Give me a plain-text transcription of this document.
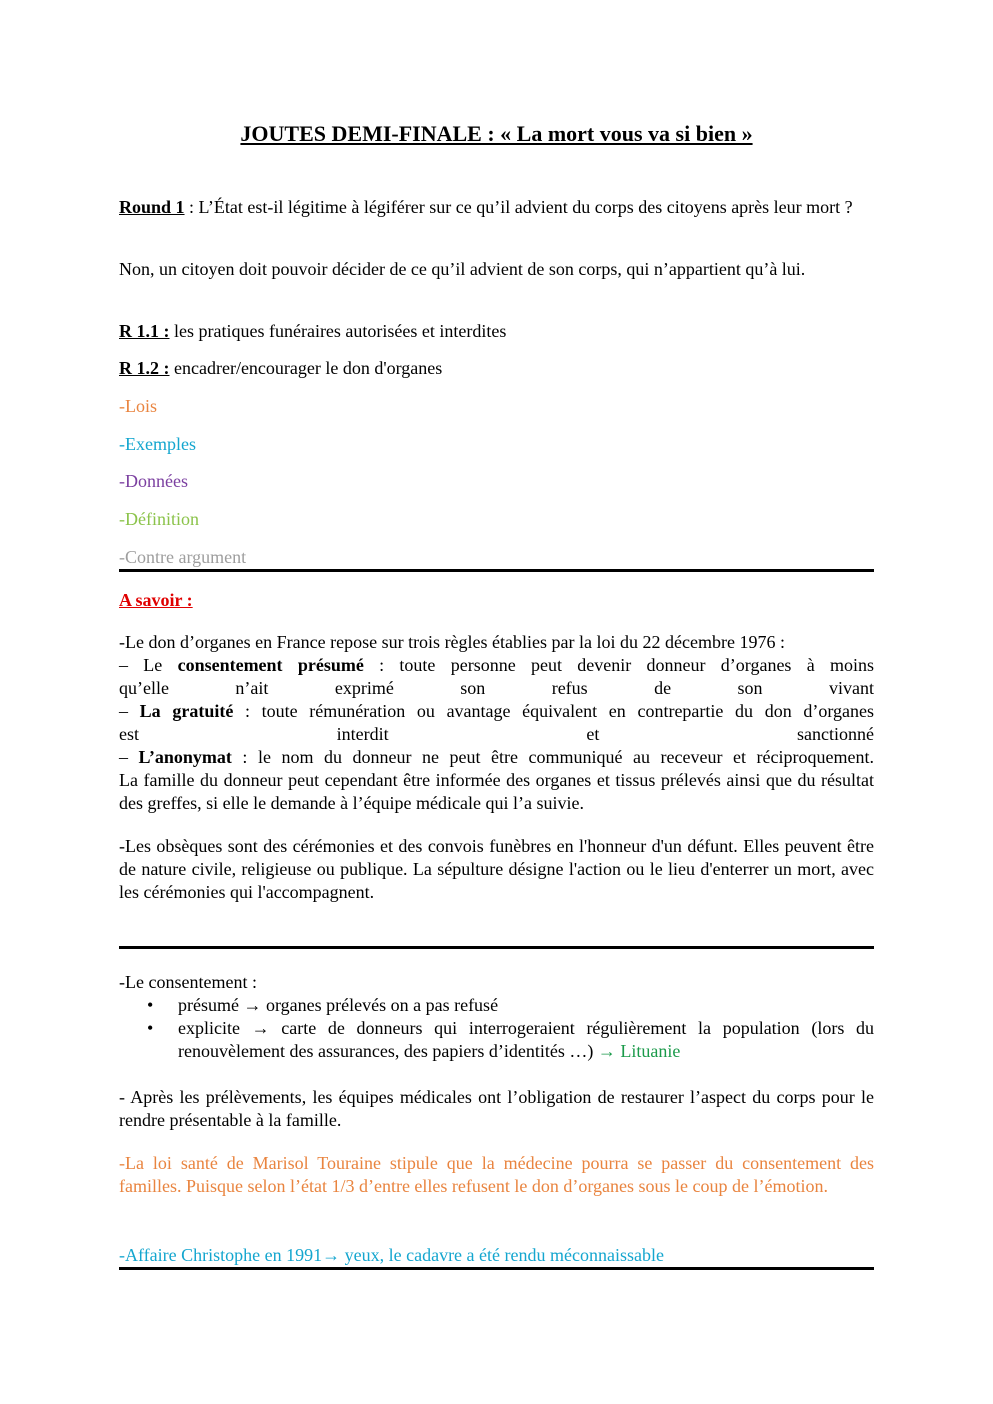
JOUTES DEMI-FINALE : « La mort vous va si bien »
Round 1 : L’État est-il légitime à légiférer sur ce qu’il advient du corps des citoyens après leur mort ?
Non, un citoyen doit pouvoir décider de ce qu’il advient de son corps, qui n’appartient qu’à lui.
R 1.1 : les pratiques funéraires autorisées et interdites
R 1.2 : encadrer/encourager le don d'organes
-Lois
-Exemples
-Données
-Définition
-Contre argument
A savoir :
-Le don d’organes en France repose sur trois règles établies par la loi du 22 décembre 1976 :
– Le consentement présumé : toute personne peut devenir donneur d’organes à moins
qu’elle n’ait exprimé son refus de son vivant
– La gratuité : toute rémunération ou avantage équivalent en contrepartie du don d’organes
est interdit et sanctionné
– L’anonymat : le nom du donneur ne peut être communiqué au receveur et réciproquement.
La famille du donneur peut cependant être informée des organes et tissus prélevés ainsi que du résultat des greffes, si elle le demande à l’équipe médicale qui l’a suivie.
-Les obsèques sont des cérémonies et des convois funèbres en l'honneur d'un défunt. Elles peuvent être de nature civile, religieuse ou publique. La sépulture désigne l'action ou le lieu d'enterrer un mort, avec les cérémonies qui l'accompagnent.
-Le consentement :
• présumé → organes prélevés on a pas refusé
• explicite → carte de donneurs qui interrogeraient régulièrement la population (lors du renouvèlement des assurances, des papiers d’identités …) → Lituanie
- Après les prélèvements, les équipes médicales ont l’obligation de restaurer l’aspect du corps pour le rendre présentable à la famille.
-La loi santé de Marisol Touraine stipule que la médecine pourra se passer du consentement des familles. Puisque selon l’état 1/3 d’entre elles refusent le don d’organes sous le coup de l’émotion.
-Affaire Christophe en 1991→ yeux, le cadavre a été rendu méconnaissable
